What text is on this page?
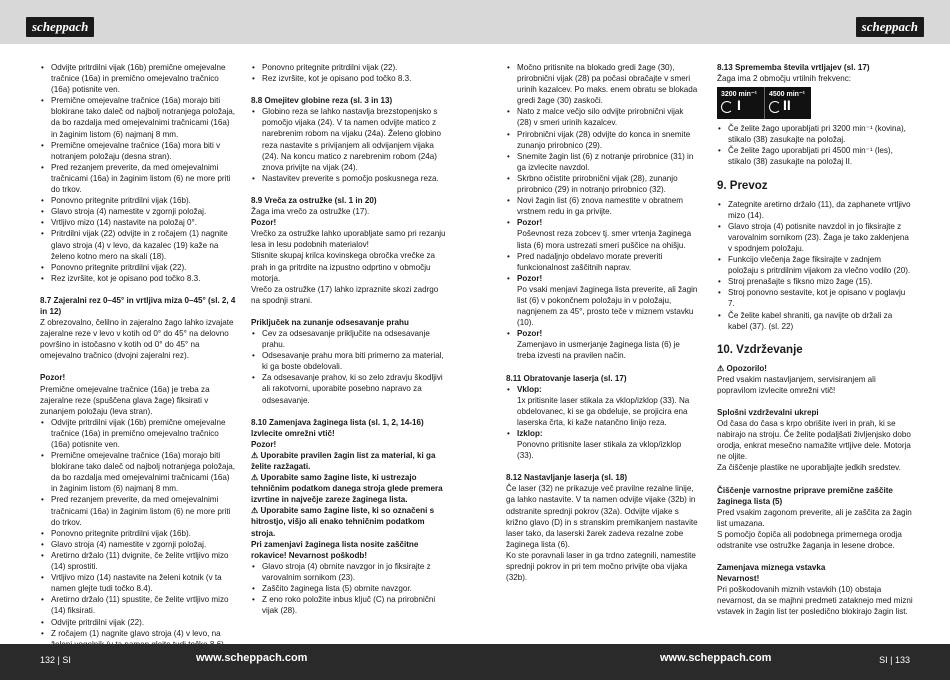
scheppach	scheppach
• Odvijte pritrdilni vijak (16b) premične omejevalne tračnice (16a) in premično omejevalno tračnico (16a) potisnite ven.
• Premične omejevalne tračnice (16a) morajo biti blokirane tako daleč od najbolj notranjega položaja, da bo razdalja med omejevalnimi tračnicami (16a) in žaginim listom (6) najmanj 8 mm.
• Premične omejevalne tračnice (16a) mora biti v notranjem položaju (desna stran).
• Pred rezanjem preverite, da med omejevalnimi tračnicami (16a) in žaginim listom (6) ne more priti do trkov.
• Ponovno pritegnite pritrdilni vijak (16b).
• Glavo stroja (4) namestite v zgornji položaj.
• Vrtljivo mizo (14) nastavite na položaj 0°.
• Pritrdilni vijak (22) odvijte in z ročajem (1) nagnite glavo stroja (4) v levo, da kazalec (19) kaže na želeno kotno mero na skali (18).
• Ponovno pritegnite pritrdilni vijak (22).
• Rez izvršite, kot je opisano pod točko 8.3.

8.7 Zajeralni rez 0–45° in vrtljiva miza 0–45° (sl. 2, 4 in 12)

Z obrezovalno, čelilno in zajeralno žago lahko izvajate zajeralne reze v levo v kotih od 0° do 45° na delovno površino in istočasno v kotih od 0° do 45° na omejevalno tračnico (dvojni zajeralni rez).

Pozor!

Premične omejevalne tračnice (16a) je treba za zajeralne reze (spuščena glava žage) fiksirati v zunanjem položaju (leva stran).

• Odvijte pritrdilni vijak (16b) premične omejevalne tračnice (16a) in premično omejevalno tračnico (16a) potisnite ven.
• Premične omejevalne tračnice (16a) morajo biti blokirane tako daleč od najbolj notranjega položaja, da bo razdalja med omejevalnimi tračnicami (16a) in žaginim listom (6) najmanj 8 mm.
• Pred rezanjem preverite, da med omejevalnimi tračnicami (16a) in žaginim listom (6) ne more priti do trkov.
• Ponovno pritegnite pritrdilni vijak (16b).
• Glavo stroja (4) namestite v zgornji položaj.
• Aretirno držalo (11) dvignite, če želite vrtljivo mizo (14) sprostiti.
• Vrtljivo mizo (14) nastavite na želeni kotnik (v ta namen glejte tudi točko 8.4).
• Aretirno držalo (11) spustite, če želite vrtljivo mizo (14) fiksirati.
• Odvijte pritrdilni vijak (22).
• Z ročajem (1) nagnite glavo stroja (4) v levo, na
• Ponovno pritegnite pritrdilni vijak (22).
• Rez izvršite, kot je opisano pod točko 8.3.

8.8 Omejitev globine reza (sl. 3 in 13)

• Globino reza se lahko nastavlja brezstopenjsko s pomočjo vijaka (24). V ta namen odvijte matico z narebrenim robom na vijaku (24a). Želeno globino reza nastavite s privijanjem ali odvijanjem vijaka (24). Na koncu matico z narebrenim robom (24a) znova privijte na vijak (24).
• Nastavitev preverite s pomočjo poskusnega reza.

8.9 Vreča za ostružke (sl. 1 in 20)

Žaga ima vrečo za ostružke (17).

Pozor!

Vrečko za ostružke lahko uporabljate samo pri rezanju lesa in lesu podobnih materialov!

Stisnite skupaj krilca kovinskega obročka vrečke za prah in ga pritrdite na izpustno odprtino v območju motorja.

Vrečo za ostružke (17) lahko izpraznite skozi zadrgo na spodnji strani.

Priključek na zunanje odsesavanje prahu

• Cev za odsesavanje priključite na odsesavanje prahu.
• Odsesavanje prahu mora biti primerno za material, ki ga boste obdelovali.
• Za odsesavanje prahov, ki so zelo zdravju škodljivi ali rakotvorni, uporabite posebno napravo za odsesavanje.

8.10 Zamenjava žaginega lista (sl. 1, 2, 14-16)

Izvlecite omrežni vtič!

Pozor!

⚠ Uporabite pravilen žagin list za material, ki ga želite razžagati.

⚠ Uporabite samo žagine liste, ki ustrezajo tehničnim podatkom danega stroja glede premera izvrtine in največje zareze žaginega lista.

⚠ Uporabite samo žagine liste, ki so označeni s hitrostjo, višjo ali enako tehničnim podatkom stroja.

Pri zamenjavi žaginega lista nosite zaščitne rokavice! Nevarnost poškodb!

• Glavo stroja (4) obrnite navzgor in jo fiksirajte z varovalnim sornikom (23).
• Zaščito žaginega lista (5) obrnite navzgor.
• Z eno roko položite inbus ključ (C) na prirobnični vijak (28).
• Močno pritisnite na blokado gredi žage (30), prirobnični vijak (28) pa počasi obračajte v smeri urinih kazalcev. Po maks. enem obratu se blokada gredi žage (30) zaskoči.
• Nato z malce večjo silo odvijte prirobnični vijak (28) v smeri urinih kazalcev.
• Prirobnični vijak (28) odvijte do konca in snemite zunanjo prirobnico (29).
• Snemite žagin list (6) z notranje prirobnice (31) in ga izvlecite navzdol.
• Skrbno očistite prirobnični vijak (28), zunanjo prirobnico (29) in notranjo prirobnico (32).
• Novi žagin list (6) znova namestite v obratnem vrstnem redu in ga privijte.
• Pozor!

Poševnost reza zobcev tj. smer vrtenja žaginega lista (6) mora ustrezati smeri puščice na ohišju.

• Pred nadaljnjo obdelavo morate preveriti funkcionalnost zaščitnih naprav.
• Pozor!

Po vsaki menjavi žaginega lista preverite, ali žagin list (6) v pokončnem položaju in v položaju, nagnjenem za 45°, prosto teče v miznem vstavku (10).

• Pozor!

Zamenjavo in usmerjanje žaginega lista (6) je treba izvesti na pravilen način.

8.11 Obratovanje laserja (sl. 17)

• Vklop:

1x pritisnite laser stikala za vklop/izklop (33). Na obdelovanec, ki se ga obdeluje, se projicira ena laserska črta, ki kaže natančno linijo reza.

• Izklop:

Ponovno pritisnite laser stikala za vklop/izklop (33).

8.12 Nastavljanje laserja (sl. 18)

Če laser (32) ne prikazuje več pravilne rezalne linije, ga lahko nastavite. V ta namen odvijte vijake (32b) in odstranite sprednji pokrov (32a). Odvijte vijake s križno glavo (D) in s stranskim premikanjem nastavite laser tako, da laserski žarek zadeva rezalne zobe žaginega lista (6).

Ko ste poravnali laser in ga trdno zategnili, namestite sprednji pokrov in pri tem močno privijte oba vijaka (32b).

8.13 Sprememba števila vrtljajev (sl. 17)

Žaga ima 2 območju vrtilnih frekvenc:

3200 min⁻¹ 4500 min⁻¹
I	II
• Če želite žago uporabljati pri 3200 min⁻¹ (kovina), stikalo (38) zasukajte na položaj.
• Če želite žago uporabljati pri 4500 min⁻¹ (les), stikalo (38) zasukajte na položaj II.

9. Prevoz

• Zategnite aretirno držalo (11), da zaphanete vrtljivo mizo (14).
• Glavo stroja (4) potisnite navzdol in jo fiksirajte z varovalnim sornikom (23). Žaga je tako zaklenjena v spodnjem položaju.
• Funkcijo vlečenja žage fiksirajte v zadnjem položaju s pritrdilnim vijakom za vlečno vodilo (20).
• Stroj prenašajte s fiksno mizo žage (15).
• Stroj ponovno sestavite, kot je opisano v poglavju 7.
• Če želite kabel shraniti, ga navijte ob držali za kabel (37). (sl. 22)

10. Vzdrževanje

⚠ Opozorilo!

Pred vsakim nastavljanjem, servisiranjem ali popravilom izvlecite omrežni vtič!

Splošni vzdrževalni ukrepi

Od časa do časa s krpo obrišite iveri in prah, ki se nabirajo na stroju. Če želite podaljšati življenjsko dobo orodja, enkrat mesečno namažite vrtljive dele. Motorja ne oljite.

Za čiščenje plastike ne uporabljajte jedkih sredstev.

Čiščenje varnostne priprave premične zaščite žaginega lista (5)

Pred vsakim zagonom preverite, ali je zaščita za žagin list umazana.

S pomočjo čopiča ali podobnega primernega orodja odstranite vse ostružke žaganja in lesene drobce.

Zamenjava miznega vstavka

Nevarnost!

Pri poškodovanih miznih vstavkih (10) obstaja nevarnost, da se majhni predmeti zataknejo med mizni vstavek in žagin list ter posledično blokirajo žagin list.

132 | SI	www.scheppach.com	www.scheppach.com	SI | 133
